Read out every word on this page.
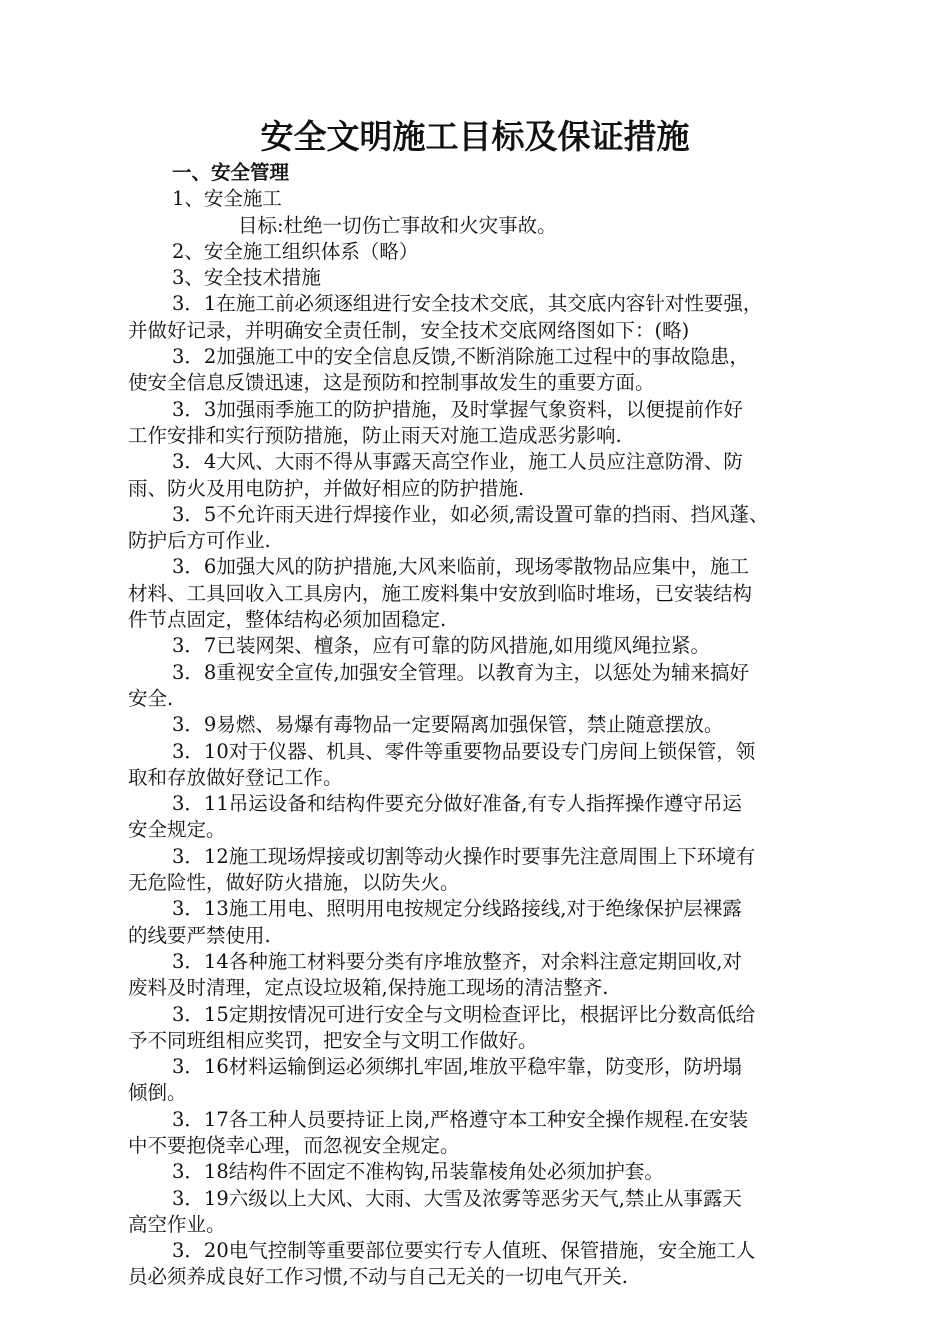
安全文明施工目标及保证措施
一、安全管理
1、安全施工
目标:杜绝一切伤亡事故和火灾事故。
2、安全施工组织体系（略）
3、安全技术措施
3．1在施工前必须逐组进行安全技术交底，其交底内容针对性要强，
并做好记录，并明确安全责任制，安全技术交底网络图如下：(略)
3．2加强施工中的安全信息反馈,不断消除施工过程中的事故隐患，
使安全信息反馈迅速，这是预防和控制事故发生的重要方面。
3．3加强雨季施工的防护措施，及时掌握气象资料，以便提前作好
工作安排和实行预防措施，防止雨天对施工造成恶劣影响.
3．4大风、大雨不得从事露天高空作业，施工人员应注意防滑、防
雨、防火及用电防护，并做好相应的防护措施.
3．5不允许雨天进行焊接作业，如必须,需设置可靠的挡雨、挡风蓬、
防护后方可作业.
3．6加强大风的防护措施,大风来临前，现场零散物品应集中，施工
材料、工具回收入工具房内，施工废料集中安放到临时堆场，已安装结构
件节点固定，整体结构必须加固稳定.
3．7已装网架、檀条，应有可靠的防风措施,如用缆风绳拉紧。
3．8重视安全宣传,加强安全管理。以教育为主，以惩处为辅来搞好
安全.
3．9易燃、易爆有毒物品一定要隔离加强保管，禁止随意摆放。
3．10对于仪器、机具、零件等重要物品要设专门房间上锁保管，领
取和存放做好登记工作。
3．11吊运设备和结构件要充分做好准备,有专人指挥操作遵守吊运
安全规定。
3．12施工现场焊接或切割等动火操作时要事先注意周围上下环境有
无危险性，做好防火措施，以防失火。
3．13施工用电、照明用电按规定分线路接线,对于绝缘保护层裸露
的线要严禁使用.
3．14各种施工材料要分类有序堆放整齐，对余料注意定期回收,对
废料及时清理，定点设垃圾箱,保持施工现场的清洁整齐.
3．15定期按情况可进行安全与文明检查评比，根据评比分数高低给
予不同班组相应奖罚，把安全与文明工作做好。
3．16材料运输倒运必须绑扎牢固,堆放平稳牢靠，防变形，防坍塌
倾倒。
3．17各工种人员要持证上岗,严格遵守本工种安全操作规程.在安装
中不要抱侥幸心理，而忽视安全规定。
3．18结构件不固定不准构钩,吊装靠棱角处必须加护套。
3．19六级以上大风、大雨、大雪及浓雾等恶劣天气,禁止从事露天
高空作业。
3．20电气控制等重要部位要实行专人值班、保管措施，安全施工人
员必须养成良好工作习惯,不动与自己无关的一切电气开关.
